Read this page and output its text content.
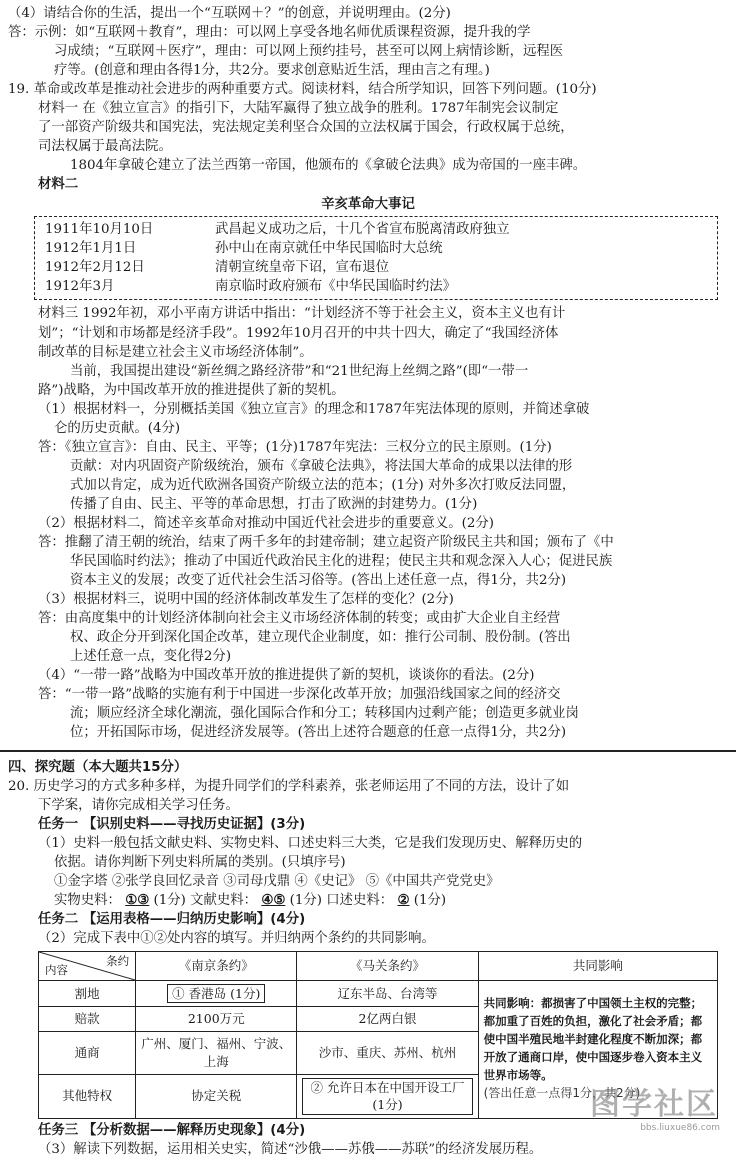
（4）请结合你的生活，提出一个“互联网＋？”的创意，并说明理由。(2分)
答：示例：如“互联网＋教育”，理由：可以网上享受各地名师优质课程资源，提升我的学
习成绩；“互联网＋医疗”，理由：可以网上预约挂号，甚至可以网上病情诊断，远程医
疗等。(创意和理由各得1分，共2分。要求创意贴近生活，理由言之有理。)
19. 革命或改革是推动社会进步的两种重要方式。阅读材料，结合所学知识，回答下列问题。(10分)
材料一 在《独立宣言》的指引下，大陆军赢得了独立战争的胜利。1787年制宪会议制定
了一部资产阶级共和国宪法，宪法规定美利坚合众国的立法权属于国会，行政权属于总统，
司法权属于最高法院。
1804年拿破仑建立了法兰西第一帝国，他颁布的《拿破仑法典》成为帝国的一座丰碑。
材料二
辛亥革命大事记
1911年10月10日	武昌起义成功之后，十几个省宣布脱离清政府独立
1912年1月1日	孙中山在南京就任中华民国临时大总统
1912年2月12日	清朝宣统皇帝下诏，宣布退位
1912年3月	南京临时政府颁布《中华民国临时约法》
材料三 1992年初，邓小平南方讲话中指出：“计划经济不等于社会主义，资本主义也有计
划”；“计划和市场都是经济手段”。1992年10月召开的中共十四大，确定了“我国经济体
制改革的目标是建立社会主义市场经济体制”。
当前，我国提出建设“新丝绸之路经济带”和“21世纪海上丝绸之路”(即“一带一
路”)战略，为中国改革开放的推进提供了新的契机。
（1）根据材料一，分别概括美国《独立宣言》的理念和1787年宪法体现的原则，并简述拿破
仑的历史贡献。(4分)
答：《独立宣言》：自由、民主、平等；(1分)1787年宪法：三权分立的民主原则。(1分)
贡献：对内巩固资产阶级统治，颁布《拿破仑法典》，将法国大革命的成果以法律的形
式加以肯定，成为近代欧洲各国资产阶级立法的范本；(1分) 对外多次打败反法同盟，
传播了自由、民主、平等的革命思想，打击了欧洲的封建势力。(1分)
（2）根据材料二，简述辛亥革命对推动中国近代社会进步的重要意义。(2分)
答：推翻了清王朝的统治，结束了两千多年的封建帝制；建立起资产阶级民主共和国；颁布了《中
华民国临时约法》；推动了中国近代政治民主化的进程；使民主共和观念深入人心；促进民族
资本主义的发展；改变了近代社会生活习俗等。(答出上述任意一点，得1分，共2分)
（3）根据材料三，说明中国的经济体制改革发生了怎样的变化？(2分)
答：由高度集中的计划经济体制向社会主义市场经济体制的转变；或由扩大企业自主经营
权、政企分开到深化国企改革，建立现代企业制度，如：推行公司制、股份制。(答出
上述任意一点，变化得2分)
（4）“一带一路”战略为中国改革开放的推进提供了新的契机，谈谈你的看法。(2分)
答：“一带一路”战略的实施有利于中国进一步深化改革开放；加强沿线国家之间的经济交
流；顺应经济全球化潮流，强化国际合作和分工；转移国内过剩产能；创造更多就业岗
位；开拓国际市场，促进经济发展等。(答出上述符合题意的任意一点得1分，共2分)
四、探究题（本大题共15分）
20. 历史学习的方式多种多样，为提升同学们的学科素养，张老师运用了不同的方法，设计了如
下学案，请你完成相关学习任务。
任务一 【识别史料——寻找历史证据】(3分)
（1）史料一般包括文献史料、实物史料、口述史料三大类，它是我们发现历史、解释历史的
依据。请你判断下列史料所属的类别。(只填序号)
①金字塔 ②张学良回忆录音 ③司母戊鼎 ④《史记》 ⑤《中国共产党党史》
实物史料： ①③ (1分) 文献史料： ④⑤ (1分) 口述史料： ② (1分)
任务二 【运用表格——归纳历史影响】(4分)
（2）完成下表中①②处内容的填写。并归纳两个条约的共同影响。
条约
内容	《南京条约》	《马关条约》	共同影响
割地	① 香港岛 (1分)	辽东半岛、台湾等	共同影响：都损害了中国领土主权的完整；都加重了百姓的负担，激化了社会矛盾；都使中国半殖民地半封建化程度不断加深；都开放了通商口岸，使中国逐步卷入资本主义世界市场等。
(答出任意一点得1分，共2分)

赔款	2100万元	2亿两白银	
通商	广州、厦门、福州、宁波、上海	沙市、重庆、苏州、杭州	
其他特权	协定关税	② 允许日本在中国开设工厂 (1分)	
任务三 【分析数据——解释历史现象】(4分)
（3）解读下列数据，运用相关史实，简述“沙俄——苏俄——苏联”的经济发展历程。
图学社区
bbs.liuxue86.com
